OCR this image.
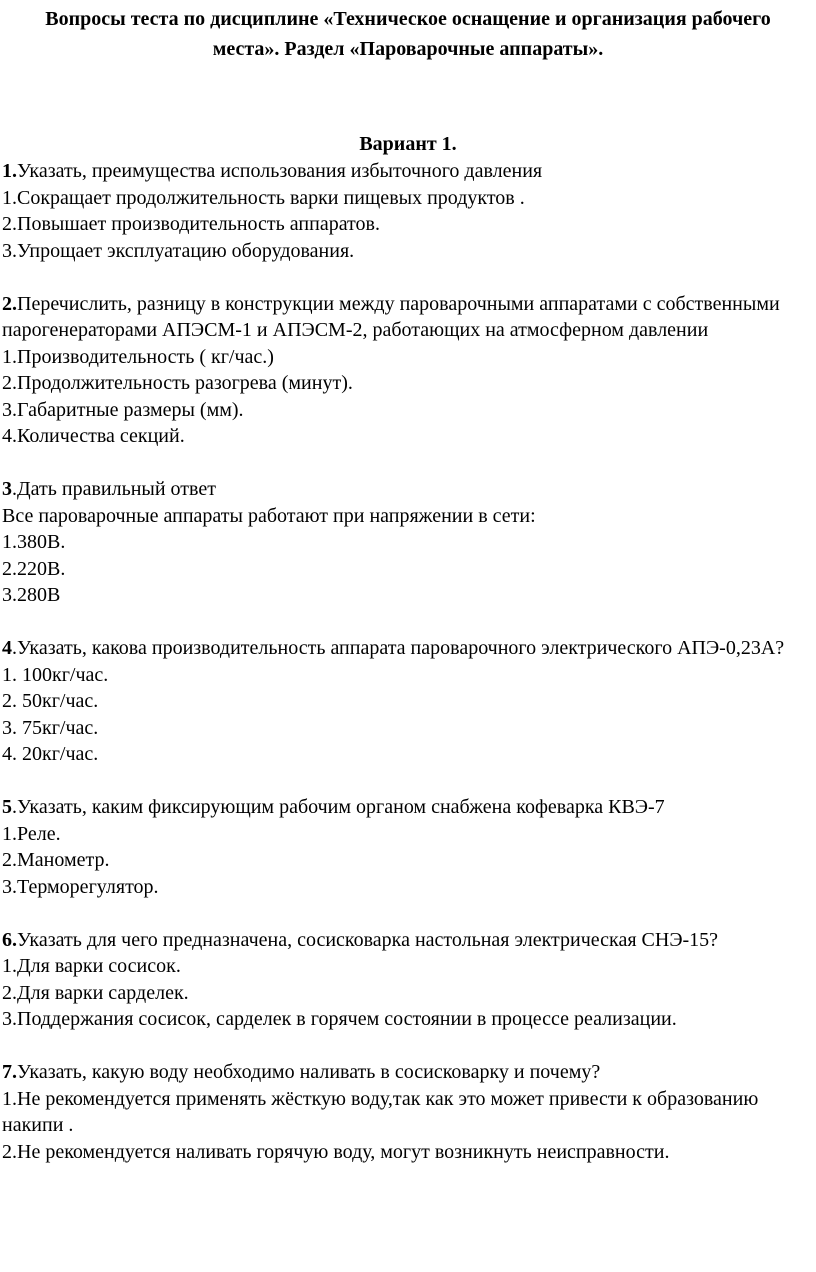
Вопросы теста по дисциплине «Техническое оснащение и организация рабочего места». Раздел «Пароварочные аппараты».
Вариант 1.
1.Указать, преимущества использования избыточного давления
1.Сокращает продолжительность варки пищевых продуктов .
2.Повышает производительность аппаратов.
3.Упрощает эксплуатацию оборудования.
2.Перечислить, разницу в конструкции между пароварочными аппаратами с собственными парогенераторами АПЭСМ-1 и АПЭСМ-2, работающих на атмосферном давлении
1.Производительность ( кг/час.)
2.Продолжительность разогрева (минут).
3.Габаритные размеры (мм).
4.Количества секций.
3.Дать правильный ответ
Все пароварочные аппараты работают при напряжении в сети:
1.380В.
2.220В.
3.280В
4.Указать, какова производительность аппарата пароварочного электрического АПЭ-0,23А?
1. 100кг/час.
2. 50кг/час.
3. 75кг/час.
4. 20кг/час.
5.Указать, каким фиксирующим рабочим органом снабжена кофеварка КВЭ-7
1.Реле.
2.Манометр.
3.Терморегулятор.
6.Указать для чего предназначена, сосисковарка настольная электрическая СНЭ-15?
1.Для варки сосисок.
2.Для варки сарделек.
3.Поддержания сосисок, сарделек в горячем состоянии в процессе реализации.
7.Указать, какую воду необходимо наливать в сосисковарку и почему?
1.Не рекомендуется применять жёсткую воду,так как это может привести к образованию накипи .
2.Не рекомендуется наливать горячую воду, могут возникнуть неисправности.
